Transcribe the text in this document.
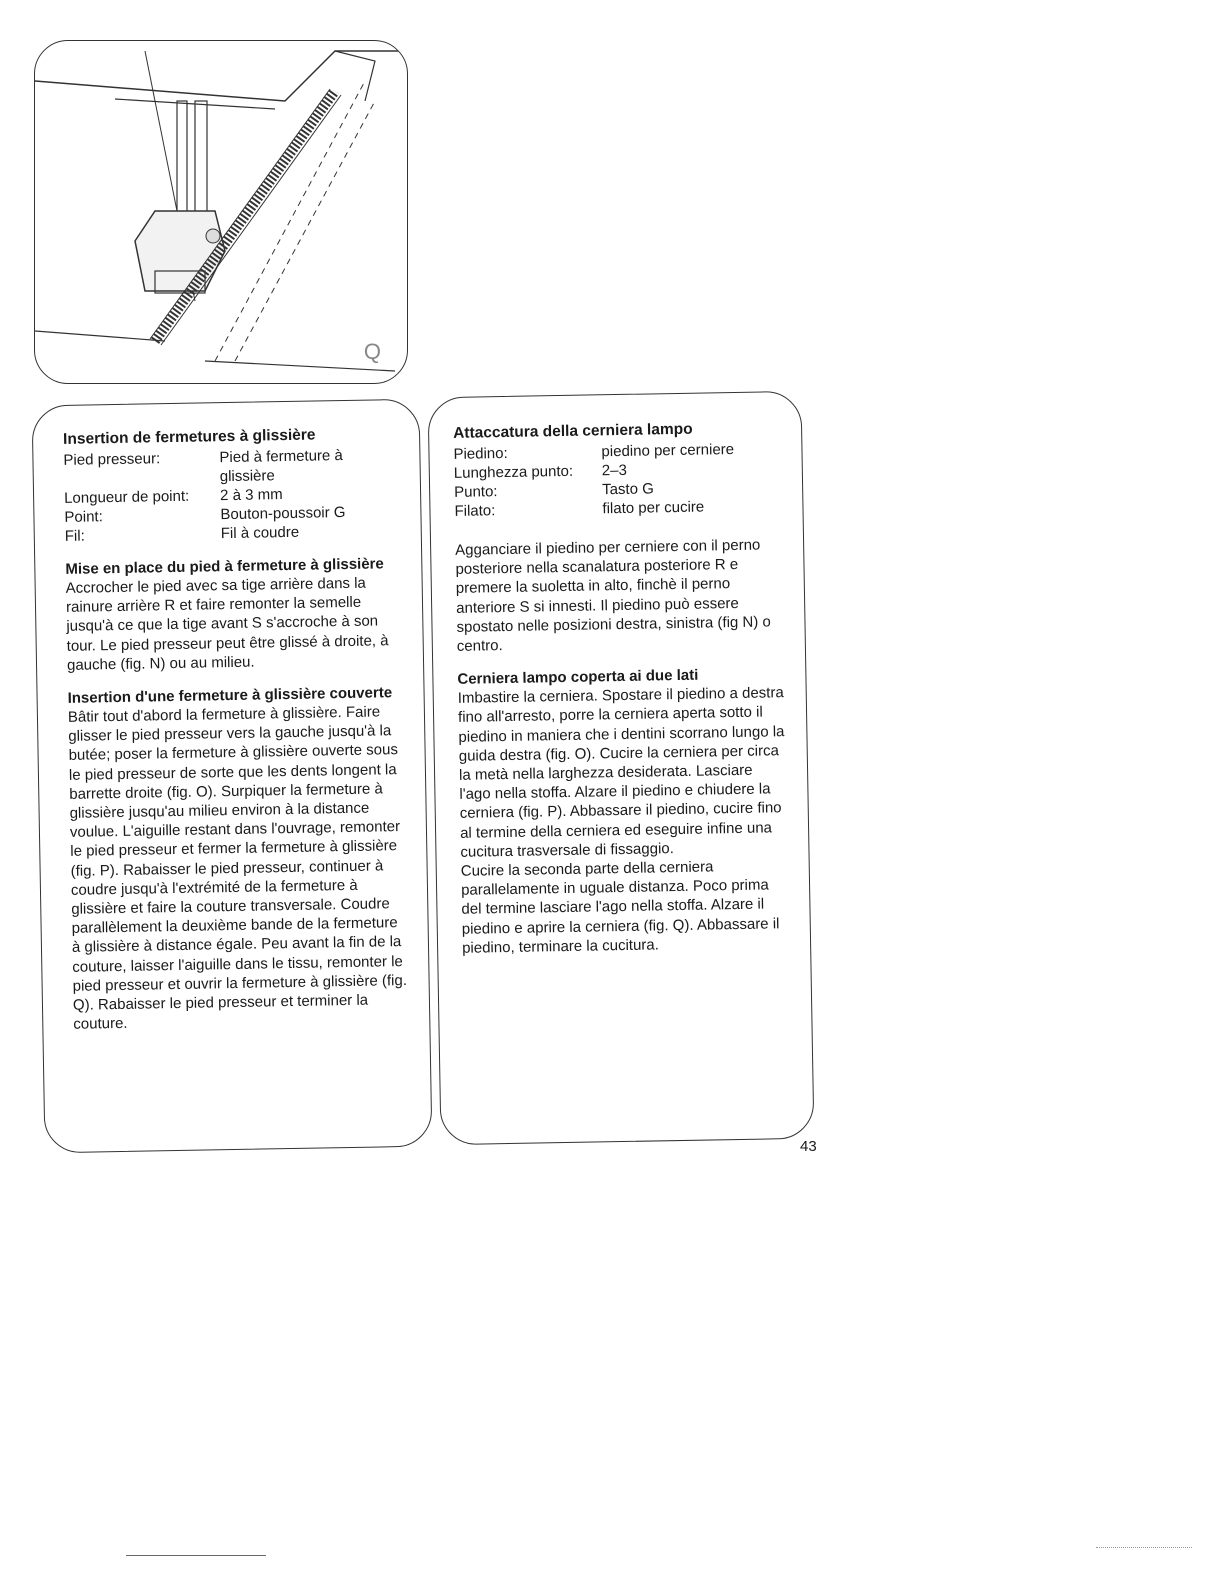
Q
Insertion de fermetures à glissière
Pied presseur:	Pied à fermeture à glissière
Longueur de point:	2 à 3 mm
Point:	Bouton-poussoir G
Fil:	Fil à coudre
Mise en place du pied à fermeture à glissière

Accrocher le pied avec sa tige arrière dans la rainure arrière R et faire remonter la semelle jusqu'à ce que la tige avant S s'accroche à son tour. Le pied presseur peut être glissé à droite, à gauche (fig. N) ou au milieu.

Insertion d'une fermeture à glissière couverte

Bâtir tout d'abord la fermeture à glissière. Faire glisser le pied presseur vers la gauche jusqu'à la butée; poser la fermeture à glissière ouverte sous le pied presseur de sorte que les dents longent la barrette droite (fig. O). Surpiquer la fermeture à glissière jusqu'au milieu environ à la distance voulue. L'aiguille restant dans l'ouvrage, remonter le pied presseur et fermer la fermeture à glissière (fig. P). Rabaisser le pied presseur, continuer à coudre jusqu'à l'extrémité de la fermeture à glissière et faire la couture transversale. Coudre parallèlement la deuxième bande de la fermeture à glissière à distance égale. Peu avant la fin de la couture, laisser l'aiguille dans le tissu, remonter le pied presseur et ouvrir la fermeture à glissière (fig. Q). Rabaisser le pied presseur et terminer la couture.

Attaccatura della cerniera lampo
Piedino:	piedino per cerniere
Lunghezza punto:	2–3
Punto:	Tasto G
Filato:	filato per cucire

Agganciare il piedino per cerniere con il perno posteriore nella scanalatura posteriore R e premere la suoletta in alto, finchè il perno anteriore S si innesti. Il piedino può essere spostato nelle posizioni destra, sinistra (fig N) o centro.

Cerniera lampo coperta ai due lati

Imbastire la cerniera. Spostare il piedino a destra fino all'arresto, porre la cerniera aperta sotto il piedino in maniera che i dentini scorrano lungo la guida destra (fig. O). Cucire la cerniera per circa la metà nella larghezza desiderata. Lasciare l'ago nella stoffa. Alzare il piedino e chiudere la cerniera (fig. P). Abbassare il piedino, cucire fino al termine della cerniera ed eseguire infine una cucitura trasversale di fissaggio.

Cucire la seconda parte della cerniera parallelamente in uguale distanza. Poco prima del termine lasciare l'ago nella stoffa. Alzare il piedino e aprire la cerniera (fig. Q). Abbassare il piedino, terminare la cucitura.

43
